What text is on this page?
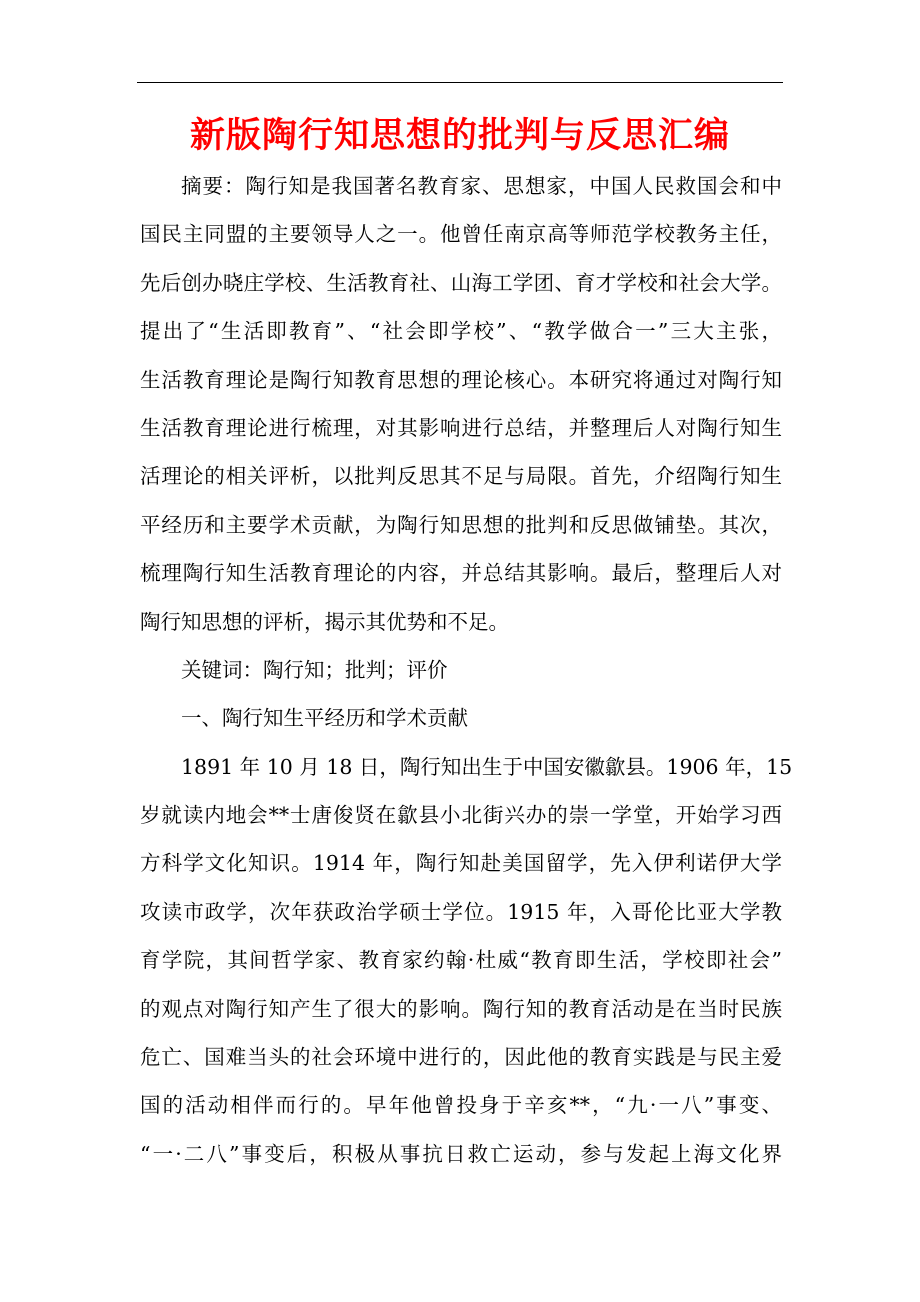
新版陶行知思想的批判与反思汇编
摘要：陶行知是我国著名教育家、思想家，中国人民救国会和中
国民主同盟的主要领导人之一。他曾任南京高等师范学校教务主任，
先后创办晓庄学校、生活教育社、山海工学团、育才学校和社会大学。
提出了“生活即教育”、“社会即学校”、“教学做合一”三大主张，
生活教育理论是陶行知教育思想的理论核心。本研究将通过对陶行知
生活教育理论进行梳理，对其影响进行总结，并整理后人对陶行知生
活理论的相关评析，以批判反思其不足与局限。首先，介绍陶行知生
平经历和主要学术贡献，为陶行知思想的批判和反思做铺垫。其次，
梳理陶行知生活教育理论的内容，并总结其影响。最后，整理后人对
陶行知思想的评析，揭示其优势和不足。
关键词：陶行知；批判；评价
一、陶行知生平经历和学术贡献
1891 年 10 月 18 日，陶行知出生于中国安徽歙县。1906 年，15
岁就读内地会**士唐俊贤在歙县小北街兴办的崇一学堂，开始学习西
方科学文化知识。1914 年，陶行知赴美国留学，先入伊利诺伊大学
攻读市政学，次年获政治学硕士学位。1915 年，入哥伦比亚大学教
育学院，其间哲学家、教育家约翰·杜威“教育即生活，学校即社会”
的观点对陶行知产生了很大的影响。陶行知的教育活动是在当时民族
危亡、国难当头的社会环境中进行的，因此他的教育实践是与民主爱
国的活动相伴而行的。早年他曾投身于辛亥**，“九·一八”事变、
“一·二八”事变后，积极从事抗日救亡运动，参与发起上海文化界
